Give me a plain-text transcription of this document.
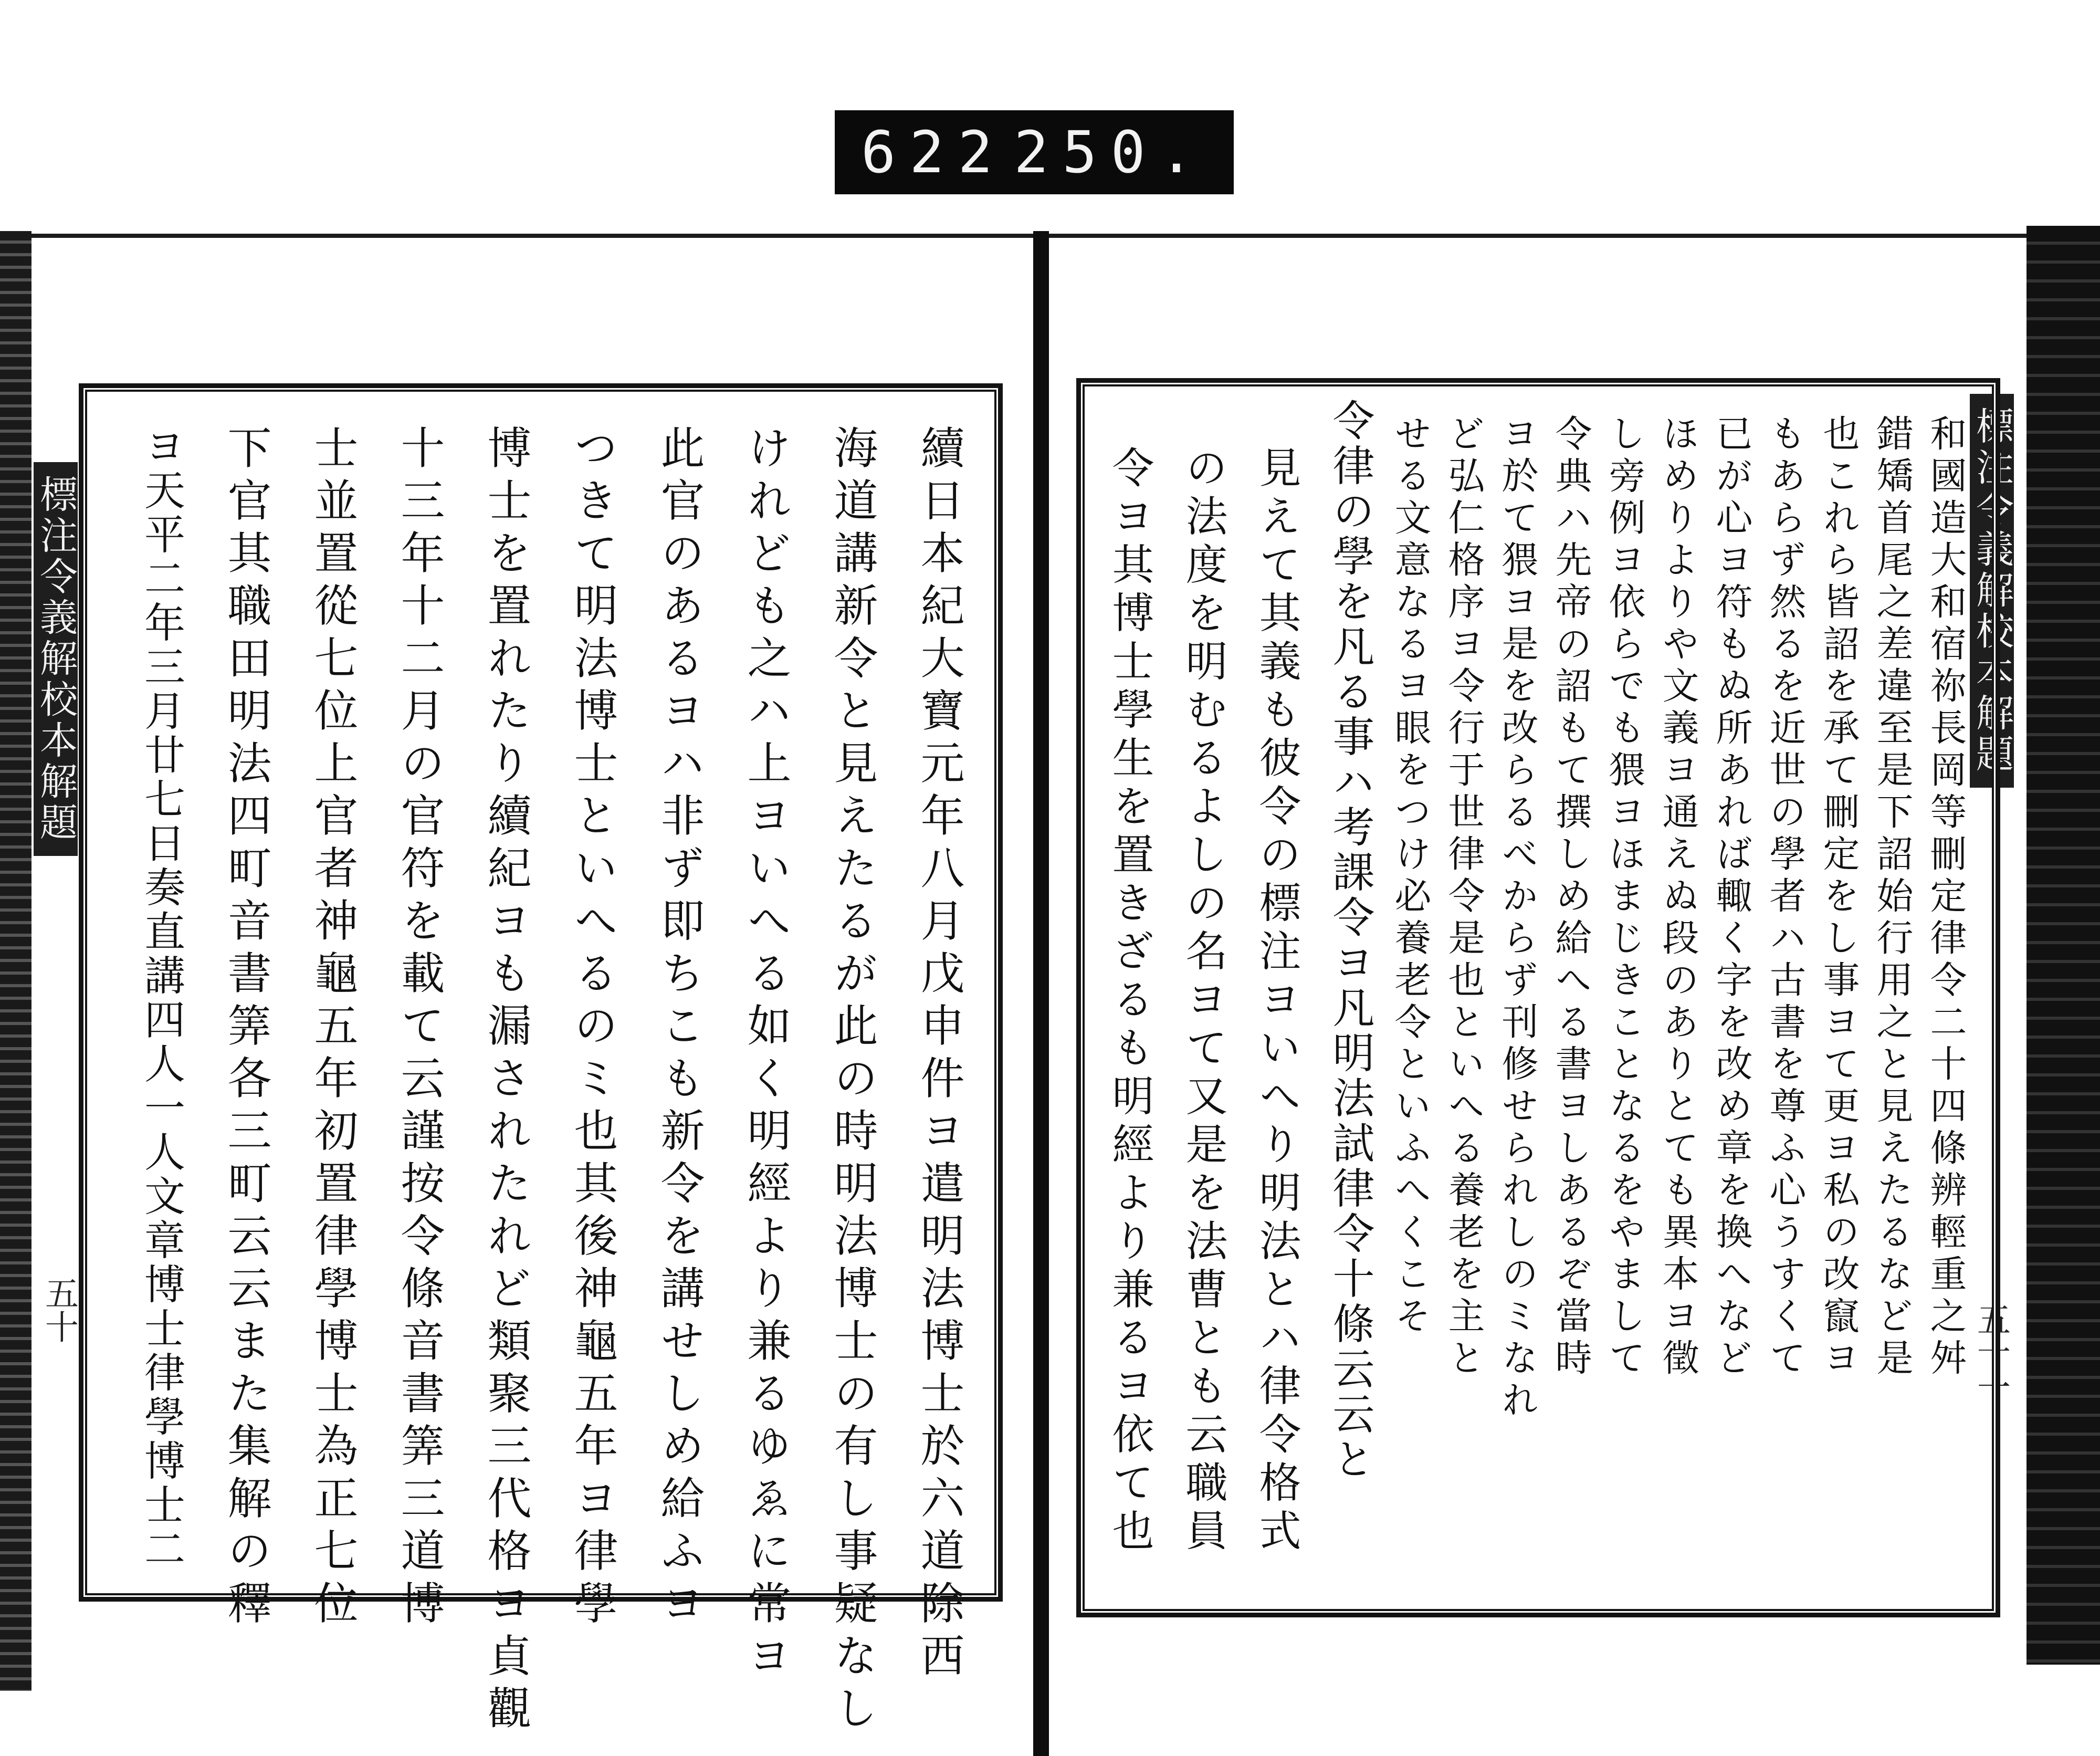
622 250.
標注令義解校本解題
五十	續日本紀大寶元年八月戊申件ヨ遣明法博士於六道除西
海道講新令と見えたるが此の時明法博士の有し事疑なし
けれども之ハ上ヨいへる如く明經より兼るゆゑに常ヨ
此官のあるヨハ非ず即ちこも新令を講せしめ給ふヨ
つきて明法博士といへるのミ也其後神龜五年ヨ律學
博士を置れたり續紀ヨも漏されたれど類聚三代格ヨ貞觀
十三年十二月の官符を載て云謹按令條音書筭三道博
士並置從七位上官者神龜五年初置律學博士為正七位
下官其職田明法四町音書筭各三町云云また集解の釋
ヨ天平二年三月廿七日奏直講四人一人文章博士律學博士二	標注令義解校本解題
五十一
和國造大和宿祢長岡等刪定律令二十四條辨輕重之舛
錯矯首尾之差違至是下詔始行用之と見えたるなど是
也これら皆詔を承て刪定をし事ヨて更ヨ私の改竄ヨ
もあらず然るを近世の學者ハ古書を尊ふ心うすくて
已が心ヨ符もぬ所あれば輙く字を改め章を換へなど
ほめりよりや文義ヨ通えぬ段のありとても異本ヨ徵
し旁例ヨ依らでも猥ヨほまじきことなるをやまして
令典ハ先帝の詔もて撰しめ給へる書ヨしあるぞ當時
ヨ於て猥ヨ是を改らるべからず刊修せられしのミなれ
ど弘仁格序ヨ令行于世律令是也といへる養老を主と
せる文意なるヨ眼をつけ必養老令といふへくこそ
令律の學を凡る事ハ考課令ヨ凡明法試律令十條云云と
見えて其義も彼令の標注ヨいへり明法とハ律令格式
の法度を明むるよしの名ヨて又是を法曹とも云職員
令ヨ其博士學生を置きざるも明經より兼るヨ依て也
